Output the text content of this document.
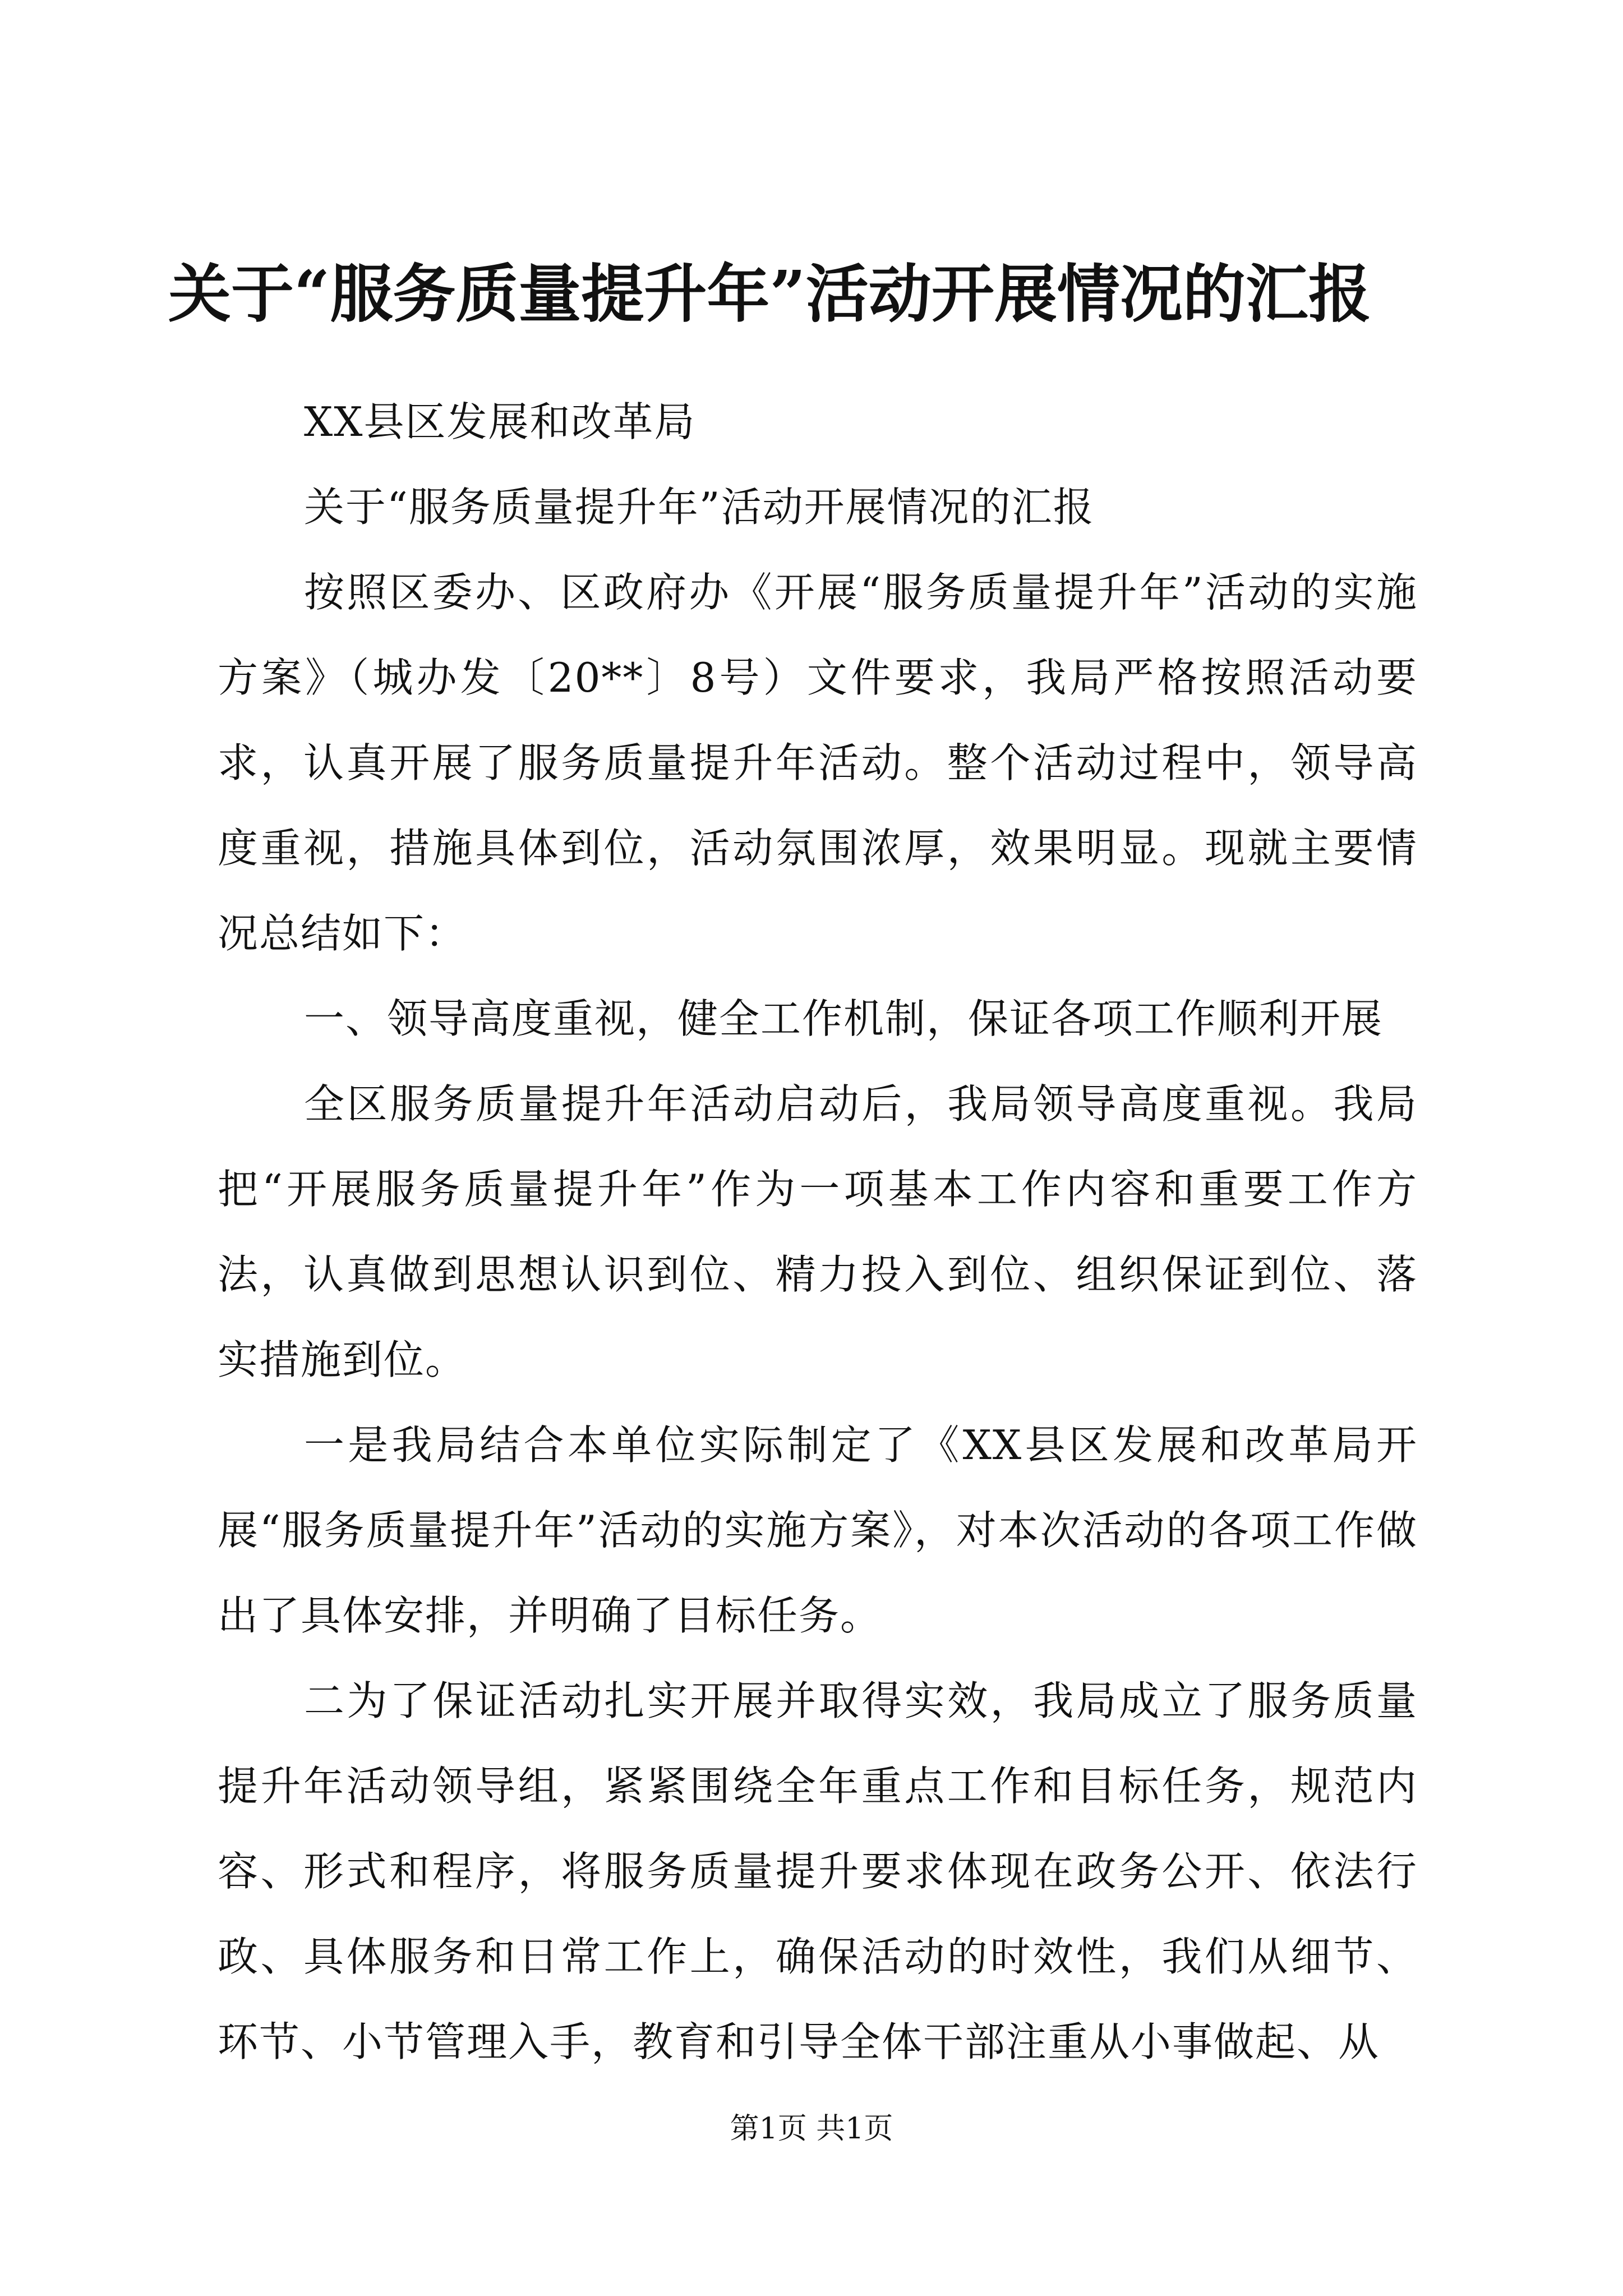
关于“服务质量提升年”活动开展情况的汇报

XX县区发展和改革局

关于“服务质量提升年”活动开展情况的汇报

按照区委办、区政府办《开展“服务质量提升年”活动的实施方案》（城办发〔20**〕8号）文件要求，我局严格按照活动要求，认真开展了服务质量提升年活动。整个活动过程中，领导高度重视，措施具体到位，活动氛围浓厚，效果明显。现就主要情况总结如下：

一、领导高度重视，健全工作机制，保证各项工作顺利开展

全区服务质量提升年活动启动后，我局领导高度重视。我局把“开展服务质量提升年”作为一项基本工作内容和重要工作方法，认真做到思想认识到位、精力投入到位、组织保证到位、落实措施到位。

一是我局结合本单位实际制定了《XX县区发展和改革局开展“服务质量提升年”活动的实施方案》，对本次活动的各项工作做出了具体安排，并明确了目标任务。

二为了保证活动扎实开展并取得实效，我局成立了服务质量提升年活动领导组，紧紧围绕全年重点工作和目标任务，规范内容、形式和程序，将服务质量提升要求体现在政务公开、依法行政、具体服务和日常工作上，确保活动的时效性，我们从细节、环节、小节管理入手，教育和引导全体干部注重从小事做起、从

第1页 共1页
